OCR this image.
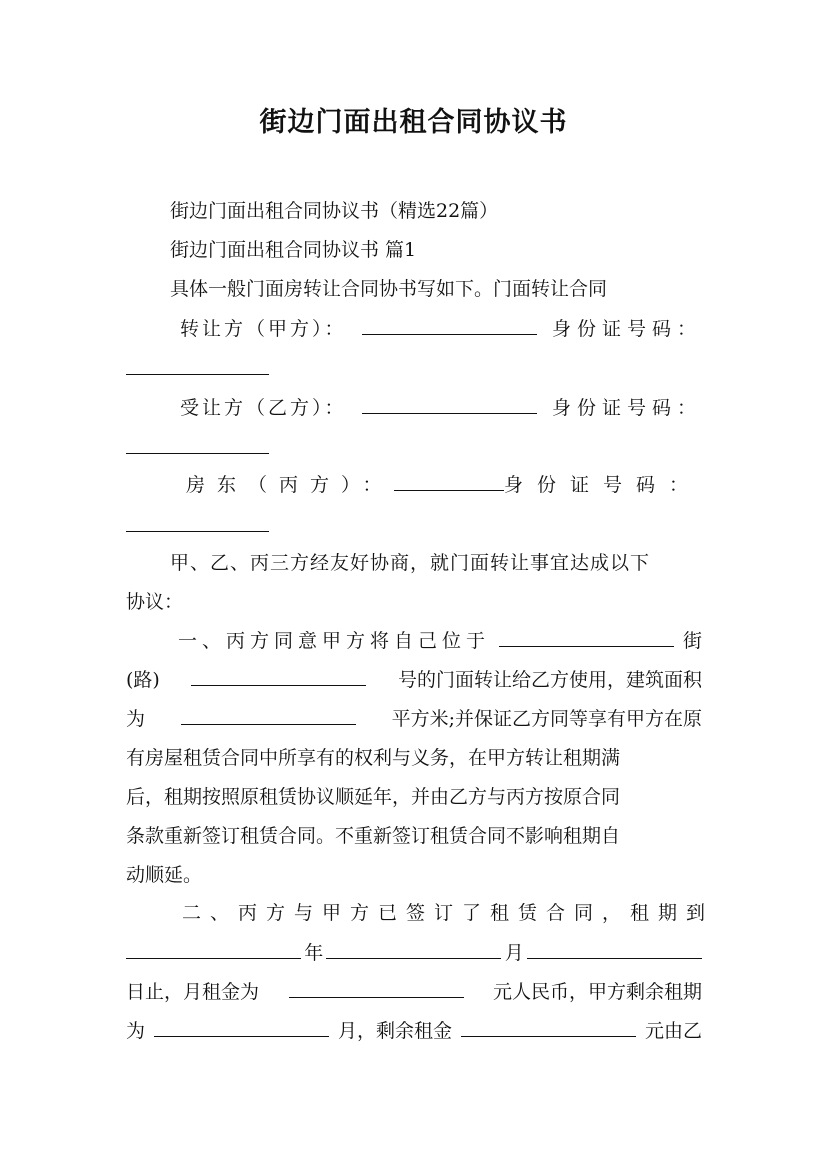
街边门面出租合同协议书
街边门面出租合同协议书（精选22篇）
街边门面出租合同协议书 篇1
具体一般门面房转让合同协书写如下。门面转让合同
转让方（甲方）：	身份证号码：
受让方（乙方）：	身份证号码：
房东（丙方）：	身份证号码：
甲、乙、丙三方经友好协商，就门面转让事宜达成以下
协议：
一、丙方同意甲方将自己位于	街
(路)	号的门面转让给乙方使用，建筑面积
为	平方米;并保证乙方同等享有甲方在原
有房屋租赁合同中所享有的权利与义务，在甲方转让租期满
后，租期按照原租赁协议顺延年，并由乙方与丙方按原合同
条款重新签订租赁合同。不重新签订租赁合同不影响租期自
动顺延。
二、丙方与甲方已签订了租赁合同，租期到
年	月
日止，月租金为	元人民币，甲方剩余租期
为	月，剩余租金	元由乙
